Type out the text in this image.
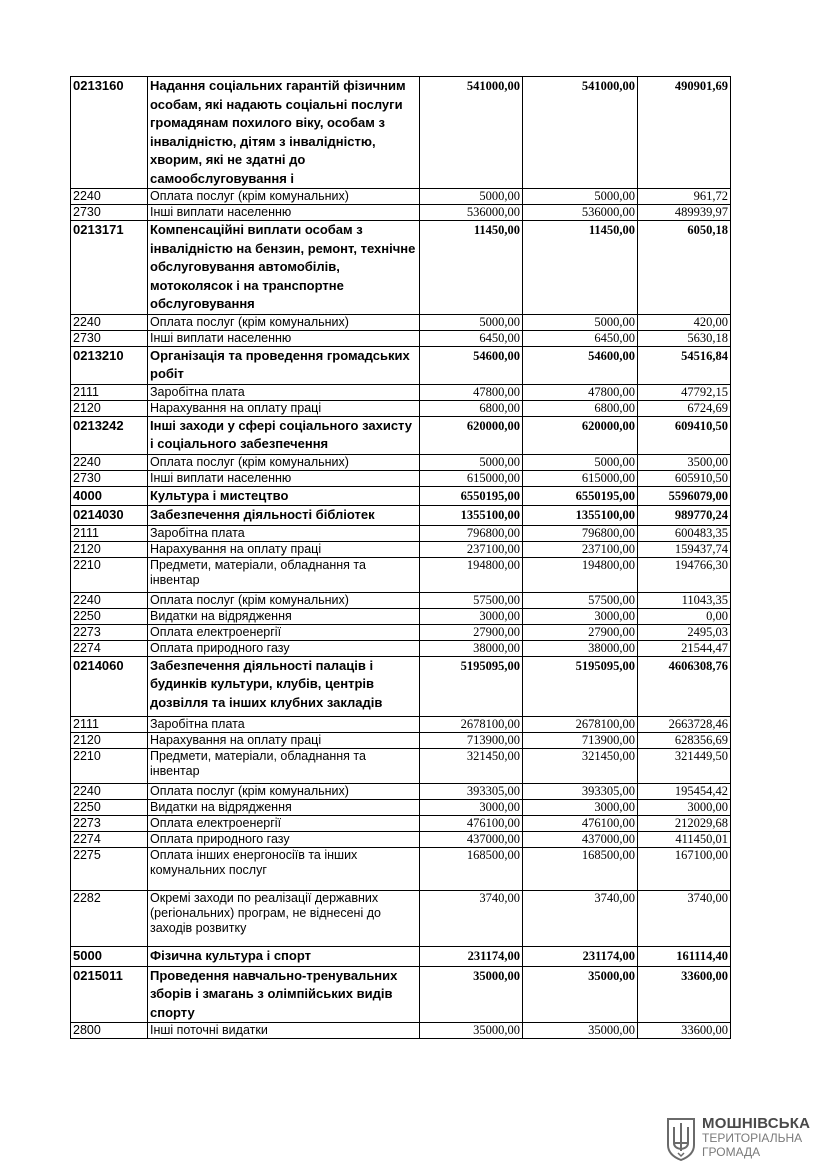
0213160	Надання соціальних гарантій фізичним особам, які надають соціальні послуги громадянам похилого віку, особам з інвалідністю, дітям з інвалідністю, хворим, які не здатні до самообслуговування і	541000,00	541000,00	490901,69
2240	Оплата послуг (крім комунальних)	5000,00	5000,00	961,72
2730	Інші виплати населенню	536000,00	536000,00	489939,97
0213171	Компенсаційні виплати особам з інвалідністю на бензин, ремонт, технічне обслуговування автомобілів, мотоколясок і на транспортне обслуговування	11450,00	11450,00	6050,18
2240	Оплата послуг (крім комунальних)	5000,00	5000,00	420,00
2730	Інші виплати населенню	6450,00	6450,00	5630,18
0213210	Організація та проведення громадських робіт	54600,00	54600,00	54516,84
2111	Заробітна плата	47800,00	47800,00	47792,15
2120	Нарахування на оплату праці	6800,00	6800,00	6724,69
0213242	Інші заходи у сфері соціального захисту і соціального забезпечення	620000,00	620000,00	609410,50
2240	Оплата послуг (крім комунальних)	5000,00	5000,00	3500,00
2730	Інші виплати населенню	615000,00	615000,00	605910,50
4000	Культура і мистецтво	6550195,00	6550195,00	5596079,00
0214030	Забезпечення діяльності бібліотек	1355100,00	1355100,00	989770,24
2111	Заробітна плата	796800,00	796800,00	600483,35
2120	Нарахування на оплату праці	237100,00	237100,00	159437,74
2210	Предмети, матеріали, обладнання та інвентар	194800,00	194800,00	194766,30
2240	Оплата послуг (крім комунальних)	57500,00	57500,00	11043,35
2250	Видатки на відрядження	3000,00	3000,00	0,00
2273	Оплата електроенергії	27900,00	27900,00	2495,03
2274	Оплата природного газу	38000,00	38000,00	21544,47
0214060	Забезпечення діяльності палаців і будинків культури, клубів, центрів дозвілля та інших клубних закладів	5195095,00	5195095,00	4606308,76
2111	Заробітна плата	2678100,00	2678100,00	2663728,46
2120	Нарахування на оплату праці	713900,00	713900,00	628356,69
2210	Предмети, матеріали, обладнання та інвентар	321450,00	321450,00	321449,50
2240	Оплата послуг (крім комунальних)	393305,00	393305,00	195454,42
2250	Видатки на відрядження	3000,00	3000,00	3000,00
2273	Оплата електроенергії	476100,00	476100,00	212029,68
2274	Оплата природного газу	437000,00	437000,00	411450,01
2275	Оплата інших енергоносіїв та інших комунальних послуг	168500,00	168500,00	167100,00
2282	Окремі заходи по реалізації державних (регіональних) програм, не віднесені до заходів розвитку	3740,00	3740,00	3740,00
5000	Фізична культура і спорт	231174,00	231174,00	161114,40
0215011	Проведення навчально-тренувальних зборів і змагань з олімпійських видів спорту	35000,00	35000,00	33600,00
2800	Інші поточні видатки	35000,00	35000,00	33600,00
МОШНІВСЬКА
ТЕРИТОРІАЛЬНА
ГРОМАДА
